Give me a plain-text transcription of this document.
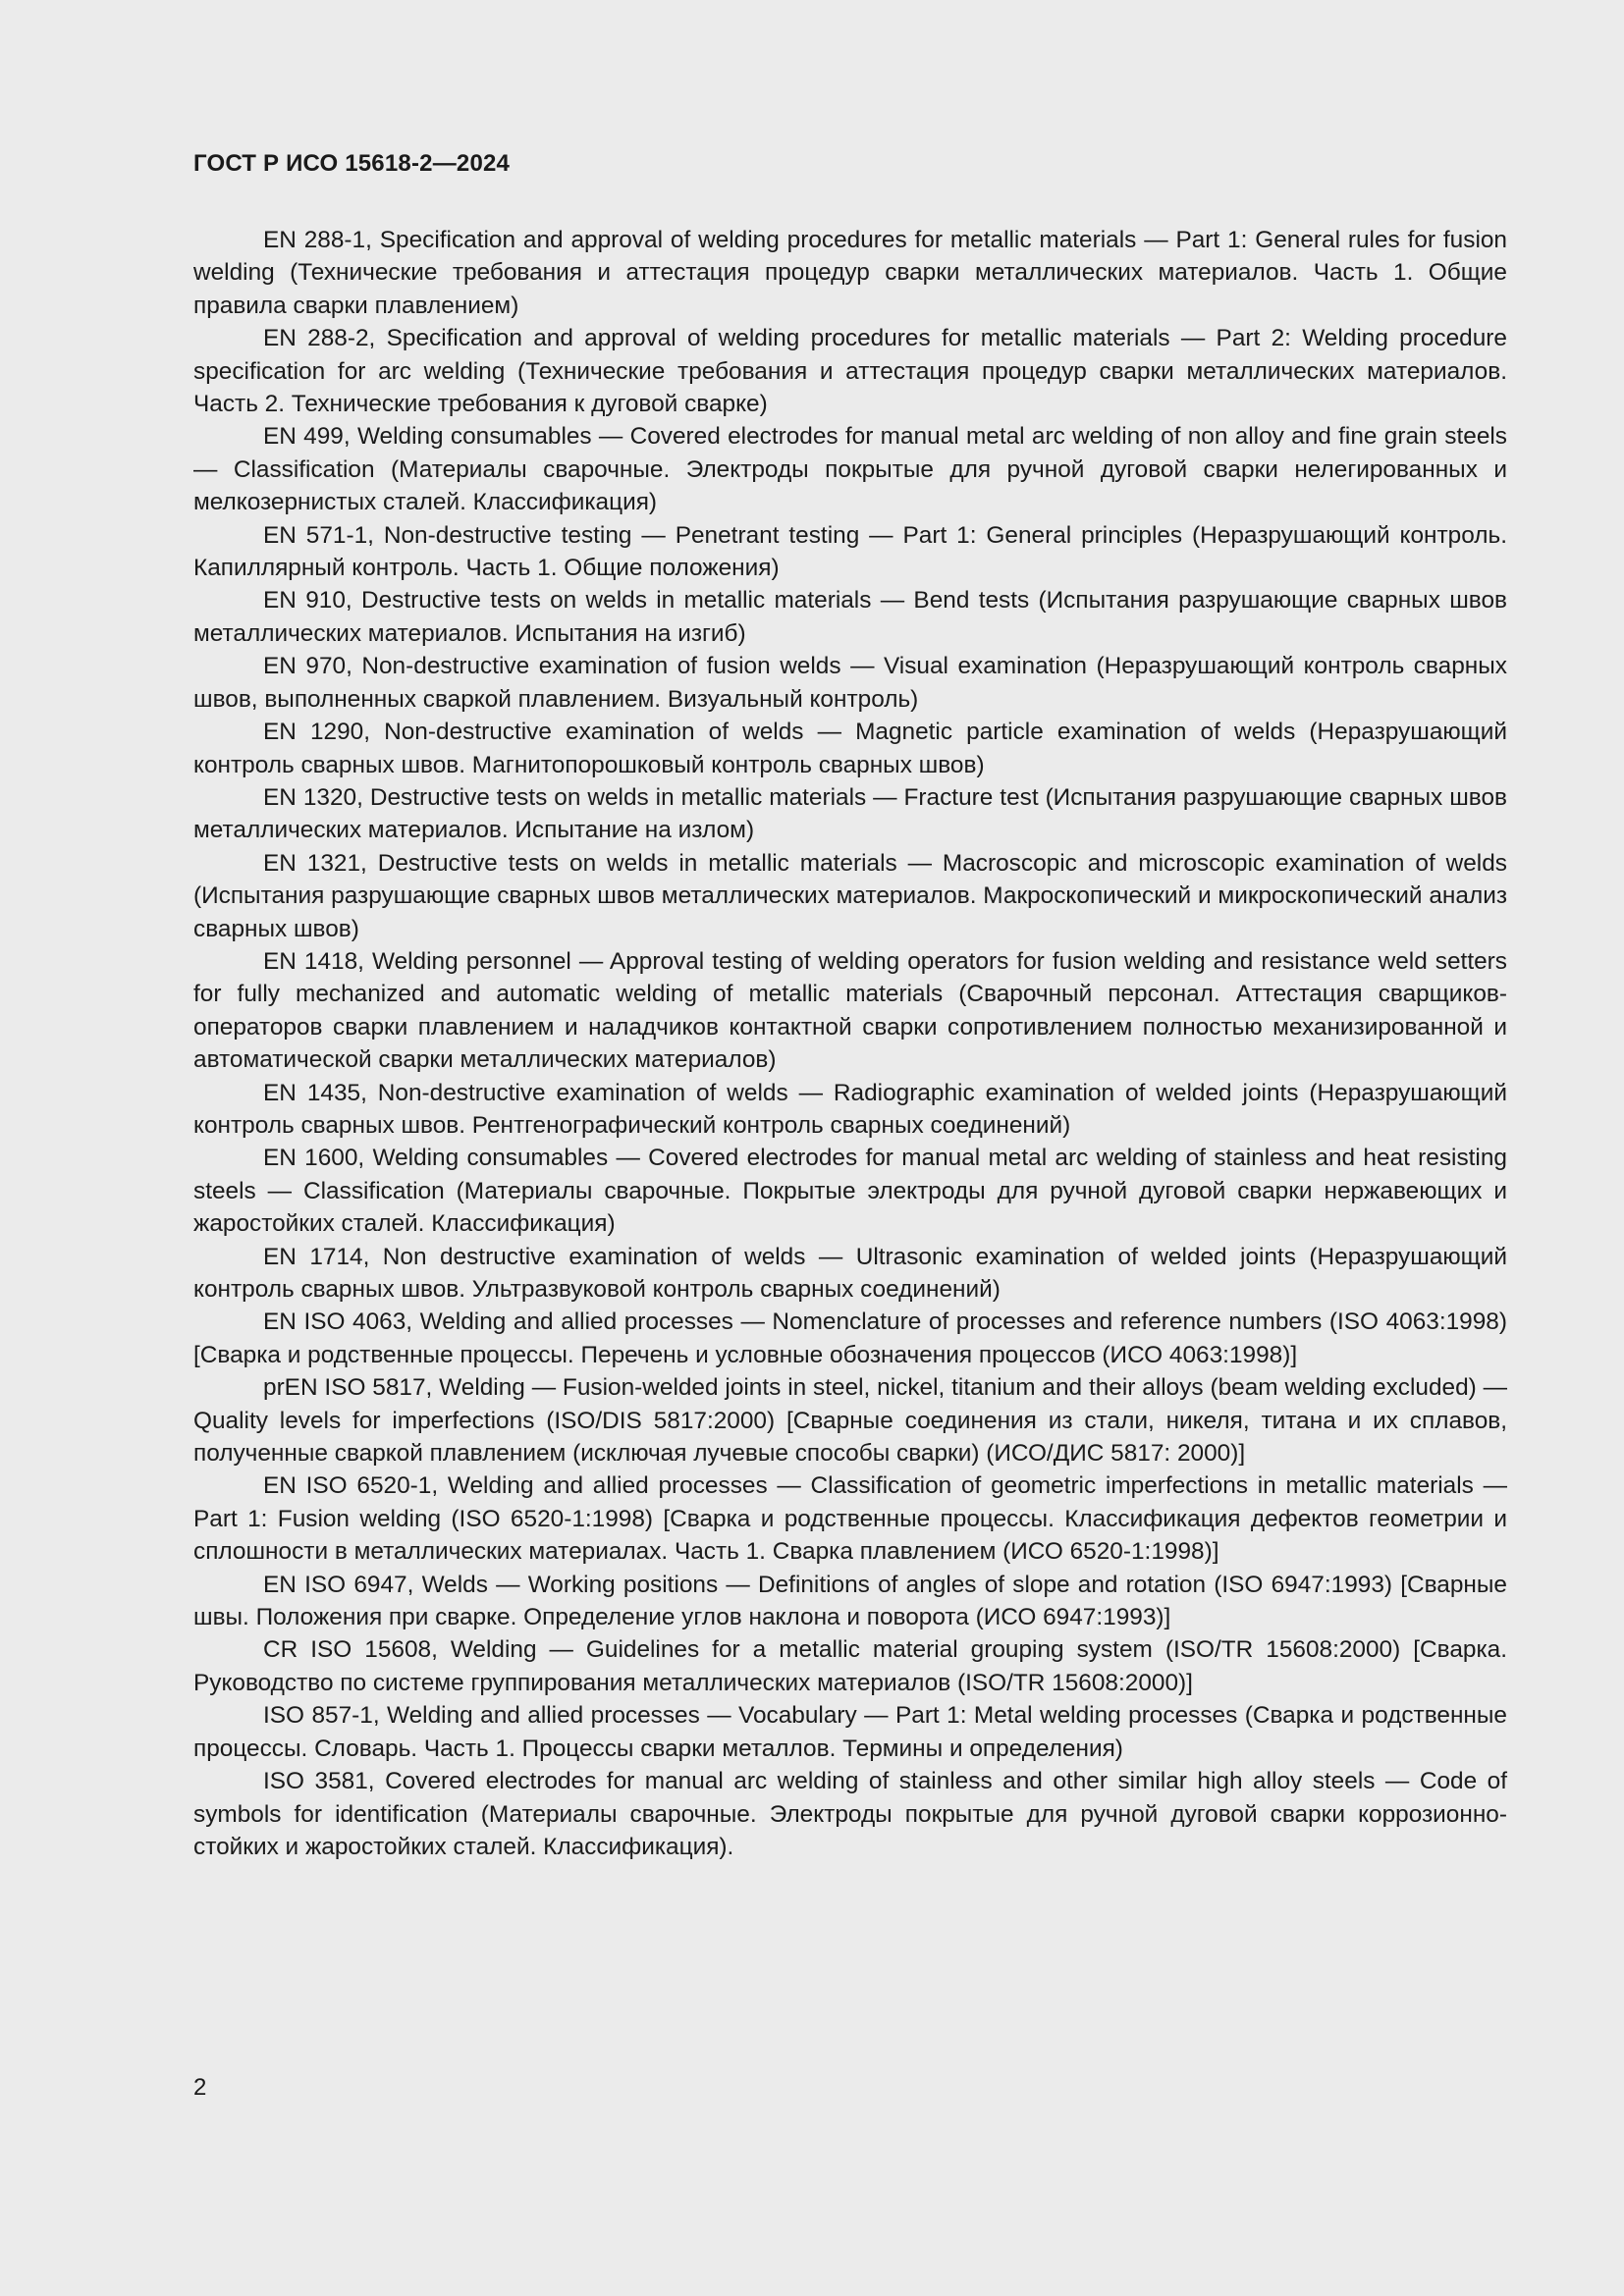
ГОСТ Р ИСО 15618-2—2024

EN 288-1, Specification and approval of welding procedures for metallic materials — Part 1: General rules for fusion welding (Технические требования и аттестация процедур сварки металлических материалов. Часть 1. Общие правила сварки плавлением)

EN 288-2, Specification and approval of welding procedures for metallic materials — Part 2: Welding procedure specification for arc welding (Технические требования и аттестация процедур сварки металлических материалов. Часть 2. Технические требования к дуговой сварке)

EN 499, Welding consumables — Covered electrodes for manual metal arc welding of non alloy and fine grain steels — Classification (Материалы сварочные. Электроды покрытые для ручной дуговой сварки нелегированных и мелкозернистых сталей. Классификация)

EN 571-1, Non-destructive testing — Penetrant testing — Part 1: General principles (Неразрушающий контроль. Капиллярный контроль. Часть 1. Общие положения)

EN 910, Destructive tests on welds in metallic materials — Bend tests (Испытания разрушающие сварных швов металлических материалов. Испытания на изгиб)

EN 970, Non-destructive examination of fusion welds — Visual examination (Неразрушающий контроль сварных швов, выполненных сваркой плавлением. Визуальный контроль)

EN 1290, Non-destructive examination of welds — Magnetic particle examination of welds (Неразрушающий контроль сварных швов. Магнитопорошковый контроль сварных швов)

EN 1320, Destructive tests on welds in metallic materials — Fracture test (Испытания разрушающие сварных швов металлических материалов. Испытание на излом)

EN 1321, Destructive tests on welds in metallic materials — Macroscopic and microscopic examination of welds (Испытания разрушающие сварных швов металлических материалов. Макроскопический и микроскопический анализ сварных швов)

EN 1418, Welding personnel — Approval testing of welding operators for fusion welding and resistance weld setters for fully mechanized and automatic welding of metallic materials (Сварочный персонал. Аттестация сварщиков-операторов сварки плавлением и наладчиков контактной сварки сопротивлением полностью механизированной и автоматической сварки металлических материалов)

EN 1435, Non-destructive examination of welds — Radiographic examination of welded joints (Неразрушающий контроль сварных швов. Рентгенографический контроль сварных соединений)

EN 1600, Welding consumables — Covered electrodes for manual metal arc welding of stainless and heat resisting steels — Classification (Материалы сварочные. Покрытые электроды для ручной дуговой сварки нержавеющих и жаростойких сталей. Классификация)

EN 1714, Non destructive examination of welds — Ultrasonic examination of welded joints (Неразрушающий контроль сварных швов. Ультразвуковой контроль сварных соединений)

EN ISO 4063, Welding and allied processes — Nomenclature of processes and reference numbers (ISO 4063:1998) [Сварка и родственные процессы. Перечень и условные обозначения процессов (ИСО 4063:1998)]

prEN ISO 5817, Welding — Fusion-welded joints in steel, nickel, titanium and their alloys (beam welding excluded) — Quality levels for imperfections (ISO/DIS 5817:2000) [Сварные соединения из стали, никеля, титана и их сплавов, полученные сваркой плавлением (исключая лучевые способы сварки) (ИСО/ДИС 5817: 2000)]

EN ISO 6520-1, Welding and allied processes — Classification of geometric imperfections in metallic materials — Part 1: Fusion welding (ISO 6520-1:1998) [Сварка и родственные процессы. Классификация дефектов геометрии и сплошности в металлических материалах. Часть 1. Сварка плавлением (ИСО 6520-1:1998)]

EN ISO 6947, Welds — Working positions — Definitions of angles of slope and rotation (ISO 6947:1993) [Сварные швы. Положения при сварке. Определение углов наклона и поворота (ИСО 6947:1993)]

CR ISO 15608, Welding — Guidelines for a metallic material grouping system (ISO/TR 15608:2000) [Сварка. Руководство по системе группирования металлических материалов (ISO/TR 15608:2000)]

ISO 857-1, Welding and allied processes — Vocabulary — Part 1: Metal welding processes (Сварка и родственные процессы. Словарь. Часть 1. Процессы сварки металлов. Термины и определения)

ISO 3581, Covered electrodes for manual arc welding of stainless and other similar high alloy steels — Code of symbols for identification (Материалы сварочные. Электроды покрытые для ручной дуговой сварки коррозионно-стойких и жаростойких сталей. Классификация).

2
